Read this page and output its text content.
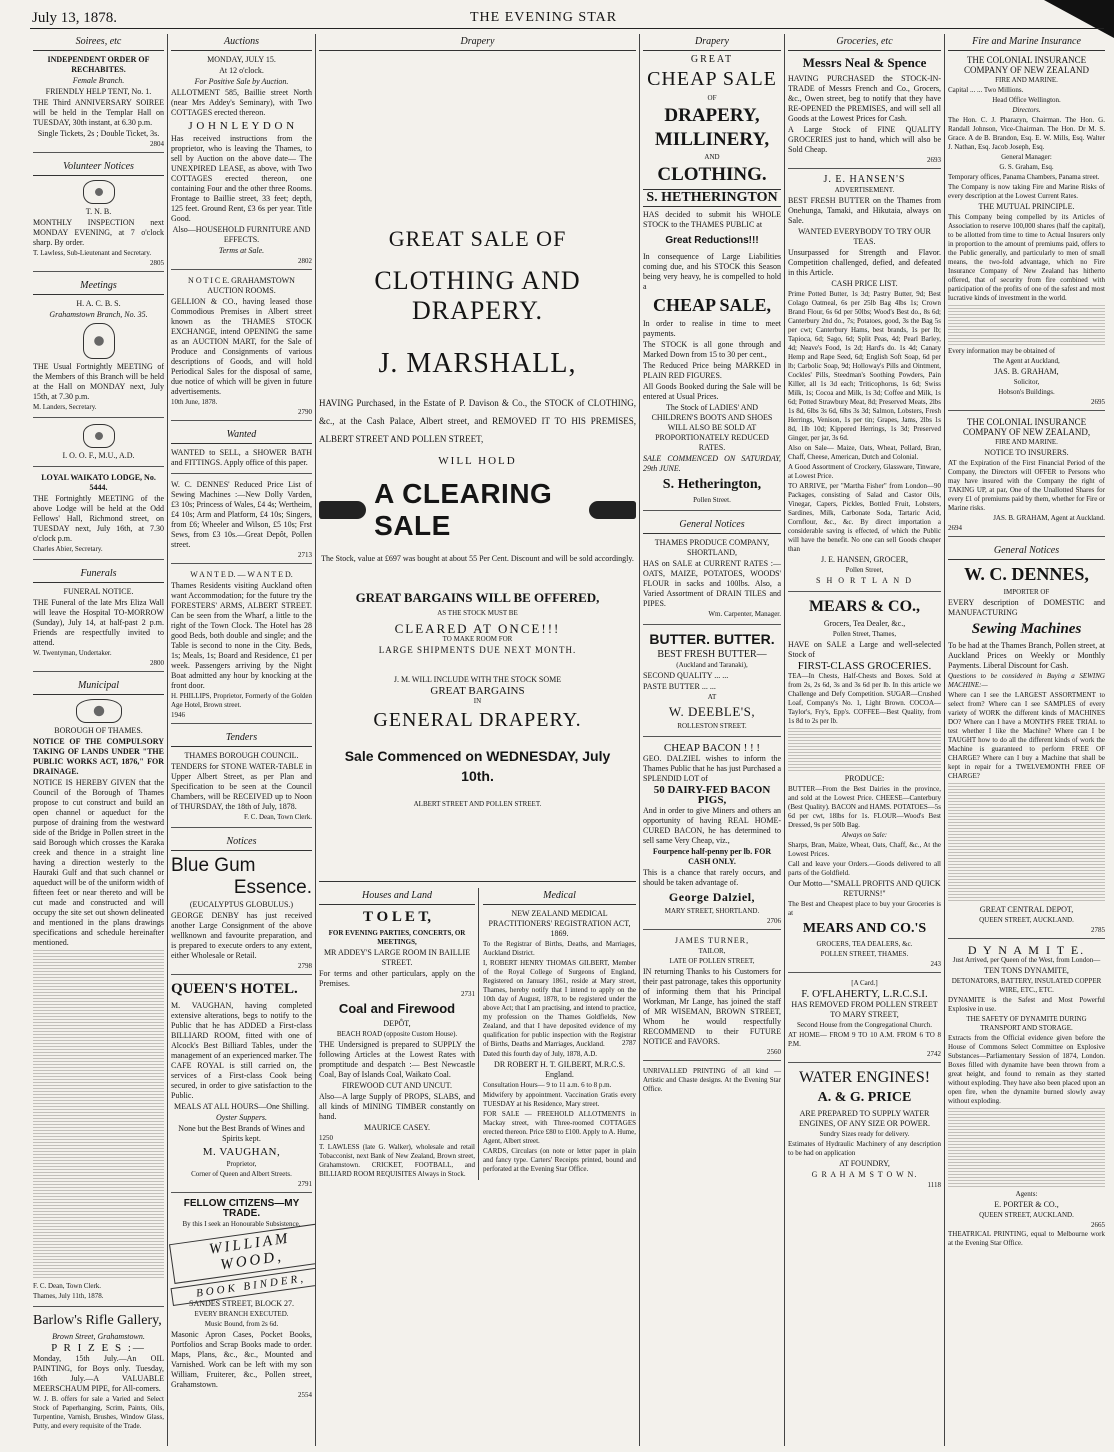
July 13, 1878.	THE EVENING STAR
Soirees, etc
INDEPENDENT ORDER OF RECHABITES.
Female Branch.
FRIENDLY HELP TENT, No. 1.
THE Third ANNIVERSARY SOIREE will be held in the Templar Hall on TUESDAY, 30th instant, at 6.30 p.m.
Single Tickets, 2s ; Double Ticket, 3s.
2804
Volunteer Notices
T. N. B.
MONTHLY INSPECTION next MONDAY EVENING, at 7 o'clock sharp. By order.
T. Lawless, Sub-Lieutenant and Secretary.
2805
Meetings
H. A. C. B. S.
Grahamstown Branch, No. 35.
THE Usual Fortnightly MEETING of the Members of this Branch will be held at the Hall on MONDAY next, July 15th, at 7.30 p.m.
M. Landers, Secretary.
I. O. O. F., M.U., A.D.
LOYAL WAIKATO LODGE, No. 5444.
THE Fortnightly MEETING of the above Lodge will be held at the Odd Fellows' Hall, Richmond street, on TUESDAY next, July 16th, at 7.30 o'clock p.m.
Charles Abier, Secretary.
Funerals
FUNERAL NOTICE.
THE Funeral of the late Mrs Eliza Wall will leave the Hospital TO-MORROW (Sunday), July 14, at half-past 2 p.m. Friends are respectfully invited to attend.
W. Twentyman, Undertaker.
2800
Municipal
BOROUGH OF THAMES.
NOTICE OF THE COMPULSORY TAKING OF LANDS UNDER "THE PUBLIC WORKS ACT, 1876," FOR DRAINAGE.
NOTICE IS HEREBY GIVEN that the Council of the Borough of Thames propose to cut construct and build an open channel or aqueduct for the purpose of draining from the westward side of the Bridge in Pollen street in the said Borough which crosses the Karaka creek and thence in a straight line having a direction westerly to the Hauraki Gulf and that such channel or aqueduct will be of the uniform width of fifteen feet or near thereto and will be cut made and constructed and will occupy the site set out shown delineated and mentioned in the plans drawings specifications and schedule hereinafter mentioned.
F. C. Dean, Town Clerk.
Thames, July 11th, 1878.
Barlow's Rifle Gallery,
Brown Street, Grahamstown.
P R I Z E S :—
Monday, 15th July.—An OIL PAINTING, for Boys only. Tuesday, 16th July.—A VALUABLE MEERSCHAUM PIPE, for All-comers.
W. J. B. offers for sale a Varied and Select Stock of Paperhanging, Scrim, Paints, Oils, Turpentine, Varnish, Brushes, Window Glass, Putty, and every requisite of the Trade.
Auctions
MONDAY, JULY 15.
At 12 o'clock.
For Positive Sale by Auction.
ALLOTMENT 585, Baillie street North (near Mrs Addey's Seminary), with Two COTTAGES erected thereon.
J O H N L E Y D O N
Has received instructions from the proprietor, who is leaving the Thames, to sell by Auction on the above date— The UNEXPIRED LEASE, as above, with Two COTTAGES erected thereon, one containing Four and the other three Rooms. Frontage to Baillie street, 33 feet; depth, 125 feet. Ground Rent, £3 6s per year. Title Good.
Also—HOUSEHOLD FURNITURE AND EFFECTS.
Terms at Sale.
2802
N O T I C E. GRAHAMSTOWN AUCTION ROOMS.
GELLION & CO., having leased those Commodious Premises in Albert street known as the THAMES STOCK EXCHANGE, intend OPENING the same as an AUCTION MART, for the Sale of Produce and Consignments of various descriptions of Goods, and will hold Periodical Sales for the disposal of same, due notice of which will be given in future advertisements.
10th June, 1878.
2790
Wanted
WANTED to SELL, a SHOWER BATH and FITTINGS. Apply office of this paper.
W. C. DENNES' Reduced Price List of Sewing Machines :—New Dolly Varden, £3 10s; Princess of Wales, £4 4s; Wertheim, £4 10s; Arm and Platform, £4 10s; Singers, from £6; Wheeler and Wilson, £5 10s; Frst Sews, from £3 10s.—Great Depôt, Pollen street.
2713
W A N T E D. — W A N T E D.
Thames Residents visiting Auckland often want Accommodation; for the future try the FORESTERS' ARMS, ALBERT STREET. Can be seen from the Wharf, a little to the right of the Town Clock. The Hotel has 28 good Beds, both double and single; and the Table is second to none in the City. Beds, 1s; Meals, 1s; Board and Residence, £1 per week. Passengers arriving by the Night Boat admitted any hour by knocking at the front door.
H. PHILLIPS, Proprietor, Formerly of the Golden Age Hotel, Brown street.
1946
Tenders
THAMES BOROUGH COUNCIL.
TENDERS for STONE WATER-TABLE in Upper Albert Street, as per Plan and Specification to be seen at the Council Chambers, will be RECEIVED up to Noon of THURSDAY, the 18th of July, 1878.
F. C. Dean, Town Clerk.
Notices
Blue Gum
Essence.
(EUCALYPTUS GLOBULUS.)
GEORGE DENBY has just received another Large Consignment of the above wellknown and favourite preparation, and is prepared to execute orders to any extent, either Wholesale or Retail.
2798
QUEEN'S HOTEL.
M. VAUGHAN, having completed extensive alterations, begs to notify to the Public that he has ADDED a First-class BILLIARD ROOM, fitted with one of Alcock's Best Billiard Tables, under the management of an experienced marker. The CAFE ROYAL is still carried on, the services of a First-class Cook being secured, in order to give satisfaction to the Public.
MEALS AT ALL HOURS—One Shilling.
Oyster Suppers.
None but the Best Brands of Wines and Spirits kept.
M. VAUGHAN,
Proprietor,
Corner of Queen and Albert Streets.
2791
FELLOW CITIZENS—MY TRADE.
By this I seek an Honourable Subsistence.
WILLIAM WOOD,
BOOK BINDER,
SANDES STREET, BLOCK 27.
EVERY BRANCH EXECUTED.
Music Bound, from 2s 6d.
Masonic Apron Cases, Pocket Books, Portfolios and Scrap Books made to order. Maps, Plans, &c., &c., Mounted and Varnished. Work can be left with my son William, Fruiterer, &c., Pollen street, Grahamstown.
2554
Drapery
GREAT SALE OF
CLOTHING AND DRAPERY.
J. MARSHALL,
HAVING Purchased, in the Estate of P. Davison & Co., the STOCK of CLOTHING, &c., at the Cash Palace, Albert street, and REMOVED IT TO HIS PREMISES, ALBERT STREET AND POLLEN STREET,
WILL HOLD
A CLEARING SALE
The Stock, value at £697 was bought at about 55 Per Cent. Discount and will be sold accordingly.
GREAT BARGAINS WILL BE OFFERED,
AS THE STOCK MUST BE
CLEARED AT ONCE!!!
TO MAKE ROOM FOR
LARGE SHIPMENTS DUE NEXT MONTH.
J. M. WILL INCLUDE WITH THE STOCK SOME
GREAT BARGAINS
IN
GENERAL DRAPERY.
Sale Commenced on WEDNESDAY, July 10th.
ALBERT STREET AND POLLEN STREET.
2787
Houses and Land
T O L E T,
FOR EVENING PARTIES, CONCERTS, OR MEETINGS,
MR ADDEY'S LARGE ROOM IN BAILLIE STREET.
For terms and other particulars, apply on the Premises.
2731
Coal and Firewood
DEPÔT,
BEACH ROAD (opposite Custom House).
THE Undersigned is prepared to SUPPLY the following Articles at the Lowest Rates with promptitude and despatch :— Best Newcastle Coal, Bay of Islands Coal, Waikato Coal.
FIREWOOD CUT AND UNCUT.
Also—A large Supply of PROPS, SLABS, and all kinds of MINING TIMBER constantly on hand.
MAURICE CASEY.
1250
T. LAWLESS (late G. Walker), wholesale and retail Tobacconist, next Bank of New Zealand, Brown street, Grahamstown. CRICKET, FOOTBALL, and BILLIARD ROOM REQUISITES Always in Stock.
Medical
NEW ZEALAND MEDICAL PRACTITIONERS' REGISTRATION ACT, 1869.
To the Registrar of Births, Deaths, and Marriages, Auckland District.
I, ROBERT HENRY THOMAS GILBERT, Member of the Royal College of Surgeons of England, Registered on January 1861, reside at Mary street, Thames, hereby notify that I intend to apply on the 10th day of August, 1878, to be registered under the above Act; that I am practising, and intend to practice, my profession on the Thames Goldfields, New Zealand, and that I have deposited evidence of my qualification for public inspection with the Registrar of Births, Deaths and Marriages, Auckland.
Dated this fourth day of July, 1878, A.D.
DR ROBERT H. T. GILBERT, M.R.C.S. England.
Consultation Hours— 9 to 11 a.m. 6 to 8 p.m.
Midwifery by appointment. Vaccination Gratis every TUESDAY at his Residence, Mary street.
FOR SALE — FREEHOLD ALLOTMENTS in Mackay street, with Three-roomed COTTAGES erected thereon. Price £80 to £100. Apply to A. Hume, Agent, Albert street.
CARDS, Circulars (on note or letter paper in plain and fancy type. Carters' Receipts printed, bound and perforated at the Evening Star Office.
Drapery
GREAT
CHEAP SALE
OF
DRAPERY,
MILLINERY,
AND
CLOTHING.
S. HETHERINGTON
HAS decided to submit his WHOLE STOCK to the THAMES PUBLIC at
Great Reductions!!!
In consequence of Large Liabilities coming due, and his STOCK this Season being very heavy, he is compelled to hold a
CHEAP SALE,
In order to realise in time to meet payments.
The STOCK is all gone through and Marked Down from 15 to 30 per cent.,
The Reduced Price being MARKED in PLAIN RED FIGURES.
All Goods Booked during the Sale will be entered at Usual Prices.
The Stock of LADIES' AND CHILDREN'S BOOTS AND SHOES WILL ALSO BE SOLD AT PROPORTIONATELY REDUCED RATES.
SALE COMMENCED ON SATURDAY, 29th JUNE.
S. Hetherington,
Pollen Street.
General Notices
THAMES PRODUCE COMPANY, SHORTLAND,
HAS on SALE at CURRENT RATES :— OATS, MAIZE, POTATOES, WOODS' FLOUR in sacks and 100lbs. Also, a Varied Assortment of DRAIN TILES and PIPES.
Wm. Carpenter, Manager.
BUTTER. BUTTER.
BEST FRESH BUTTER—
(Auckland and Taranaki),
SECOND QUALITY ... ...
PASTE BUTTER ... ...
AT
W. DEEBLE'S,
ROLLESTON STREET.
CHEAP BACON ! ! !
GEO. DALZIEL wishes to inform the Thames Public that he has just Purchased a SPLENDID LOT of
50 DAIRY-FED BACON PIGS,
And in order to give Miners and others an opportunity of having REAL HOME-CURED BACON, he has determined to sell same Very Cheap, viz.,
Fourpence half-penny per lb. FOR CASH ONLY.
This is a chance that rarely occurs, and should be taken advantage of.
George Dalziel,
MARY STREET, SHORTLAND.
2706
JAMES TURNER,
TAILOR,
LATE OF POLLEN STREET,
IN returning Thanks to his Customers for their past patronage, takes this opportunity of informing them that his Principal Workman, Mr Lange, has joined the staff of MR WISEMAN, BROWN STREET, Whom he would respectfully RECOMMEND to their FUTURE NOTICE and FAVORS.
2560
UNRIVALLED PRINTING of all kind —Artistic and Chaste designs. At the Evening Star Office.
Groceries, etc
Messrs Neal & Spence
HAVING PURCHASED the STOCK-IN-TRADE of Messrs French and Co., Grocers, &c., Owen street, beg to notify that they have RE-OPENED the PREMISES, and will sell all Goods at the Lowest Prices for Cash.
A Large Stock of FINE QUALITY GROCERIES just to hand, which will also be Sold Cheap.
2693
J. E. HANSEN'S
ADVERTISEMENT.
BEST FRESH BUTTER on the Thames from Onehunga, Tamaki, and Hikutaia, always on Sale.
WANTED EVERYBODY TO TRY OUR TEAS.
Unsurpassed for Strength and Flavor. Competition challenged, defied, and defeated in this Article.
CASH PRICE LIST.
Prime Potted Butter, 1s 3d; Pastry Butter, 9d; Best Colago Oatmeal, 6s per 25lb Bag 4lbs 1s; Crown Brand Flour, 6s 6d per 50lbs; Wood's Best do., 8s 6d; Canterbury 2nd do., 7s; Potatoes, good, 3s the Bag 5s per cwt; Canterbury Hams, best brands, 1s per lb; Tapioca, 6d; Sago, 6d; Split Peas, 4d; Pearl Barley, 4d; Neave's Food, 1s 2d; Hard's do. 1s 4d; Canary Hemp and Rape Seed, 6d; English Soft Soap, 6d per lb; Carbolic Soap, 9d; Holloway's Pills and Ointment, Cockles' Pills, Steedman's Soothing Powders, Pain Killer, all 1s 3d each; Triticophorus, 1s 6d; Swiss Milk, 1s; Cocoa and Milk, 1s 3d; Coffee and Milk, 1s 6d; Potted Strawbury Meat, 8d; Preserved Meats, 2lbs 1s 8d, 6lbs 3s 6d, 6lbs 3s 3d; Salmon, Lobsters, Fresh Herrings, Venison, 1s per tin; Grapes, Jams, 2lbs 1s 8d, 1lb 10d; Kippered Herrings, 1s 3d; Preserved Ginger, per jar, 3s 6d.
Also on Sale— Maize, Oats, Wheat, Pollard, Bran, Chaff, Cheese, American, Dutch and Colonial.
A Good Assortment of Crockery, Glassware, Tinware, at Lowest Price.
TO ARRIVE, per "Martha Fisher" from London—90 Packages, consisting of Salad and Castor Oils, Vinegar, Capers, Pickles, Bottled Fruit, Lobsters, Sardines, Milk, Carbonate Soda, Tartaric Acid, Cornflour, &c., &c. By direct importation a considerable saving is effected, of which the Public will have the benefit. No one can sell Goods cheaper than
J. E. HANSEN, GROCER,
Pollen Street,
S H O R T L A N D
MEARS & CO.,
Grocers, Tea Dealer, &c.,
Pollen Street, Thames,
HAVE on SALE a Large and well-selected Stock of
FIRST-CLASS GROCERIES.
TEA—In Chests, Half-Chests and Boxes. Sold at from 2s, 2s 6d, 3s and 3s 6d per lb. In this article we Challenge and Defy Competition. SUGAR—Crushed Loaf, Company's No. 1, Light Brown. COCOA—Taylor's, Fry's, Epp's. COFFEE—Best Quality, from 1s 8d to 2s per lb.
PRODUCE:
BUTTER—From the Best Dairies in the province, and sold at the Lowest Price. CHEESE—Canterbury (Best Quality). BACON and HAMS. POTATOES—5s 6d per cwt, 18lbs for 1s. FLOUR—Wood's Best Dressed, 9s per 50lb Bag.
Always on Sale:
Sharps, Bran, Maize, Wheat, Oats, Chaff, &c., At the Lowest Prices.
Call and leave your Orders.—Goods delivered to all parts of the Goldfield.
Our Motto—"SMALL PROFITS AND QUICK RETURNS!"
The Best and Cheapest place to buy your Groceries is at
MEARS AND CO.'S
GROCERS, TEA DEALERS, &c.
POLLEN STREET, THAMES.
243
[A Card.]
F. O'FLAHERTY, L.R.C.S.I.
HAS REMOVED FROM POLLEN STREET TO MARY STREET,
Second House from the Congregational Church.
AT HOME— FROM 9 TO 10 A.M. FROM 6 TO 8 P.M.
2742
WATER ENGINES!
A. & G. PRICE
ARE PREPARED TO SUPPLY WATER ENGINES, OF ANY SIZE OR POWER.
Sundry Sizes ready for delivery.
Estimates of Hydraulic Machinery of any description to be had on application
AT FOUNDRY,
G R A H A M S T O W N.
1118
Fire and Marine Insurance
THE COLONIAL INSURANCE COMPANY OF NEW ZEALAND
FIRE AND MARINE.
Capital ... ... Two Millions.
Head Office Wellington.
Directors.
The Hon. C. J. Pharazyn, Chairman. The Hon. G. Randall Johnson, Vice-Chairman. The Hon. Dr M. S. Grace. A de B. Brandon, Esq. E. W. Mills, Esq. Walter J. Nathan, Esq. Jacob Joseph, Esq.
General Manager:
G. S. Graham, Esq.
Temporary offices, Panama Chambers, Panama street.
The Company is now taking Fire and Marine Risks of every description at the Lowest Current Rates.
THE MUTUAL PRINCIPLE.
This Company being compelled by its Articles of Association to reserve 100,000 shares (half the capital), to be allotted from time to time to Actual Insurers only in proportion to the amount of premiums paid, offers to the Public generally, and particularly to men of small means, the two-fold advantage, which no Fire Insurance Company of New Zealand has hitherto offered, that of security from fire combined with participation of the profits of one of the safest and most lucrative kinds of investment in the world.
Every information may be obtained of
The Agent at Auckland,
JAS. B. GRAHAM,
Solicitor,
Hobson's Buildings.
2695
THE COLONIAL INSURANCE COMPANY OF NEW ZEALAND,
FIRE AND MARINE.
NOTICE TO INSURERS.
AT the Expiration of the First Financial Period of the Company, the Directors will OFFER to Persons who may have insured with the Company the right of TAKING UP, at par, One of the Unallotted Shares for every £1 of premiums paid by them, whether for Fire or Marine risks.
JAS. B. GRAHAM, Agent at Auckland.
2694
General Notices
W. C. DENNES,
IMPORTER OF
EVERY description of DOMESTIC and MANUFACTURING
Sewing Machines
To be had at the Thames Branch, Pollen street, at Auckland Prices on Weekly or Monthly Payments. Liberal Discount for Cash.
Questions to be considered in Buying a SEWING MACHINE:—
Where can I see the LARGEST ASSORTMENT to select from? Where can I see SAMPLES of every variety of WORK the different kinds of MACHINES DO? Where can I have a MONTH'S FREE TRIAL to test whether I like the Machine? Where can I be TAUGHT how to do all the different kinds of work the Machine is guaranteed to perform FREE OF CHARGE? Where can I buy a Machine that shall be kept in repair for a TWELVEMONTH FREE OF CHARGE?
GREAT CENTRAL DEPOT,
QUEEN STREET, AUCKLAND.
2785
D Y N A M I T E.
Just Arrived, per Queen of the West, from London—
TEN TONS DYNAMITE,
DETONATORS, BATTERY, INSULATED COPPER WIRE, ETC., ETC.
DYNAMITE is the Safest and Most Powerful Explosive in use.
THE SAFETY OF DYNAMITE DURING TRANSPORT AND STORAGE.
Extracts from the Official evidence given before the House of Commons Select Committee on Explosive Substances—Parliamentary Session of 1874, London. Boxes filled with dynamite have been thrown from a great height, and found to remain as they started without exploding. They have also been placed upon an open fire, when the dynamite burned slowly away without exploding.
Agents:
E. PORTER & CO.,
QUEEN STREET, AUCKLAND.
2665
THEATRICAL PRINTING, equal to Melbourne work at the Evening Star Office.
